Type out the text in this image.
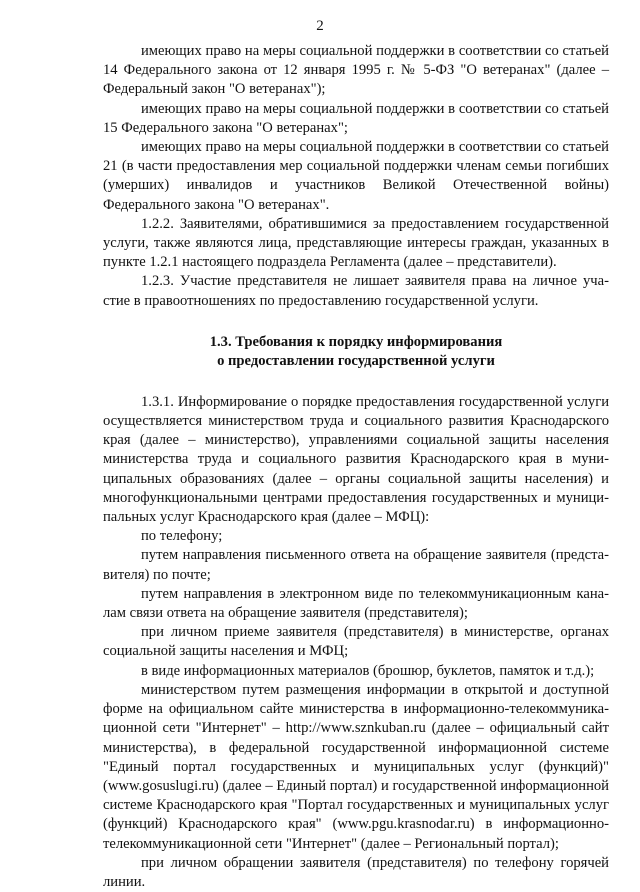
2

имеющих право на меры социальной поддержки в соответствии со статьей 14 Федерального закона от 12 января 1995 г. № 5-ФЗ "О ветеранах" (далее – Федеральный закон "О ветеранах");

имеющих право на меры социальной поддержки в соответствии со статьей 15 Федерального закона "О ветеранах";

имеющих право на меры социальной поддержки в соответствии со статьей 21 (в части предоставления мер социальной поддержки членам семьи погибших (умерших) инвалидов и участников Великой Отечественной войны) Федерального закона "О ветеранах".

1.2.2. Заявителями, обратившимися за предоставлением государственной услуги, также являются лица, представляющие интересы граждан, указанных в пункте 1.2.1 настоящего подраздела Регламента (далее – представители).

1.2.3. Участие представителя не лишает заявителя права на личное участие в правоотношениях по предоставлению государственной услуги.

1.3. Требования к порядку информирования
о предоставлении государственной услуги

1.3.1. Информирование о порядке предоставления государственной услуги осуществляется министерством труда и социального развития Краснодарского края (далее – министерство), управлениями социальной защиты населения министерства труда и социального развития Краснодарского края в муниципальных образованиях (далее – органы социальной защиты населения) и многофункциональными центрами предоставления государственных и муниципальных услуг Краснодарского края (далее – МФЦ):

по телефону;

путем направления письменного ответа на обращение заявителя (представителя) по почте;

путем направления в электронном виде по телекоммуникационным каналам связи ответа на обращение заявителя (представителя);

при личном приеме заявителя (представителя) в министерстве, органах социальной защиты населения и МФЦ;

в виде информационных материалов (брошюр, буклетов, памяток и т.д.);

министерством путем размещения информации в открытой и доступной форме на официальном сайте министерства в информационно-телекоммуникационной сети "Интернет" – http://www.sznkuban.ru (далее – официальный сайт министерства), в федеральной государственной информационной системе "Единый портал государственных и муниципальных услуг (функций)" (www.gosuslugi.ru) (далее – Единый портал) и государственной информационной системе Краснодарского края "Портал государственных и муниципальных услуг (функций) Краснодарского края" (www.pgu.krasnodar.ru) в информационно-телекоммуникационной сети "Интернет" (далее – Региональный портал);

при личном обращении заявителя (представителя) по телефону горячей линии.
